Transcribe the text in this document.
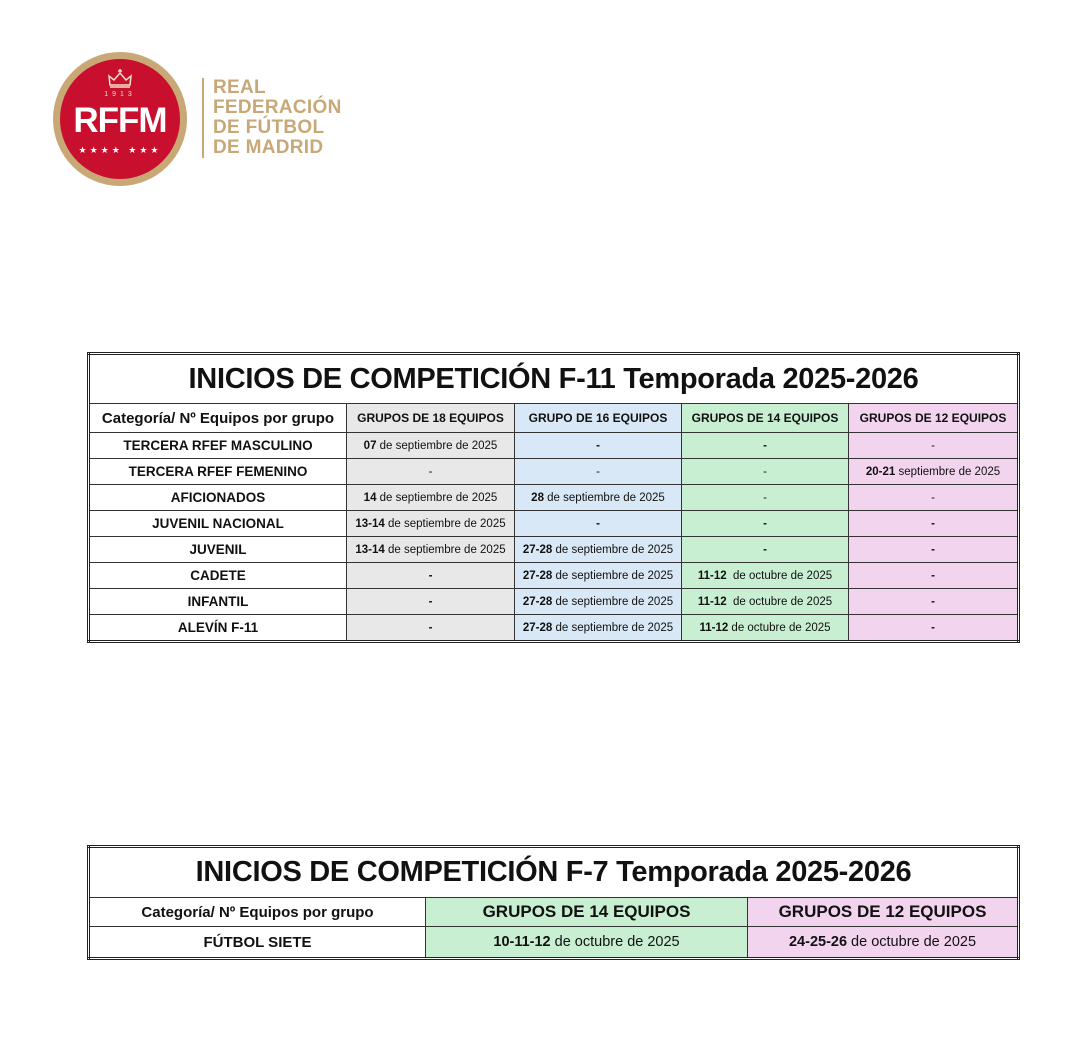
1913
RFFM
★★★★ ★★★
REAL
FEDERACIÓN
DE FÚTBOL
DE MADRID
INICIOS DE COMPETICIÓN F-11 Temporada 2025-2026				
Categoría/ Nº Equipos por grupo	GRUPOS DE 18 EQUIPOS	GRUPO DE 16 EQUIPOS	GRUPOS DE 14 EQUIPOS	GRUPOS DE 12 EQUIPOS
TERCERA RFEF MASCULINO	07 de septiembre de 2025	-	-	-
TERCERA RFEF FEMENINO	-	-	-	20-21 septiembre de 2025
AFICIONADOS	14 de septiembre de 2025	28 de septiembre de 2025	-	-
JUVENIL NACIONAL	13-14 de septiembre de 2025	-	-	-
JUVENIL	13-14 de septiembre de 2025	27-28 de septiembre de 2025	-	-
CADETE	-	27-28 de septiembre de 2025	11-12  de octubre de 2025	-
INFANTIL	-	27-28 de septiembre de 2025	11-12  de octubre de 2025	-
ALEVÍN F-11	-	27-28 de septiembre de 2025	11-12 de octubre de 2025	-
INICIOS DE COMPETICIÓN F-7 Temporada 2025-2026		
Categoría/ Nº Equipos por grupo	GRUPOS DE 14 EQUIPOS	GRUPOS DE 12 EQUIPOS
FÚTBOL SIETE	10-11-12 de octubre de 2025	24-25-26 de octubre de 2025
